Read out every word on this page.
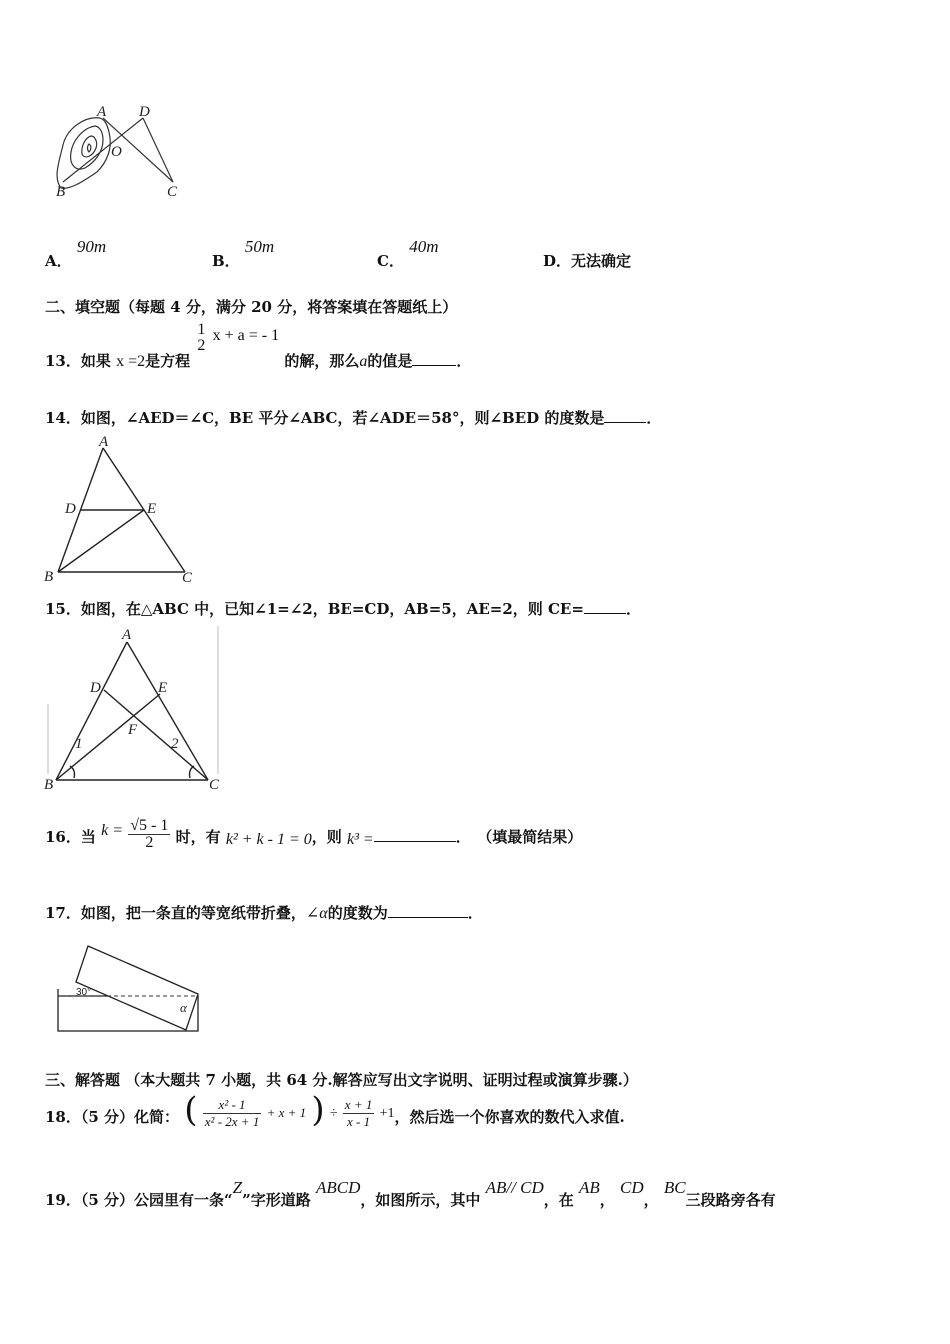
A D
O
B	C
A． 90m
B． 50m
C． 40m
D．无法确定
二、填空题（每题 4 分，满分 20 分，将答案填在答题纸上）
13．如果 x =2是方程
1
2
x + a = - 1 的解，那么a的值是	．
14．如图，∠AED＝∠C，BE 平分∠ABC，若∠ADE＝58°，则∠BED 的度数是	．
A
D	E
B	C
15．如图，在△ABC 中，已知∠1=∠2，BE=CD，AB=5，AE=2，则 CE=	．
A
D	E
F
1	2
B	C
16．当 $k = \frac{√5 - 1}{2}$ 时，有 k² + k - 1 = 0，则 k³ =	． （填最简结果）
17．如图，把一条直的等宽纸带折叠，∠α的度数为	．
30°
α
三、解答题 （本大题共 7 小题，共 64 分.解答应写出文字说明、证明过程或演算步骤.）
18．（5 分）化简： ( $\frac{\text{x² - 1}}{\text{x² - 2x + 1}} + x + 1$ ) ÷ $\frac{x + 1}{x - 1} +1$，然后选一个你喜欢的数代入求值.
19．（5 分）公园里有一条“Z”字形道路 ABCD，如图所示，其中 AB// CD，在 AB， CD， BC三段路旁各有
